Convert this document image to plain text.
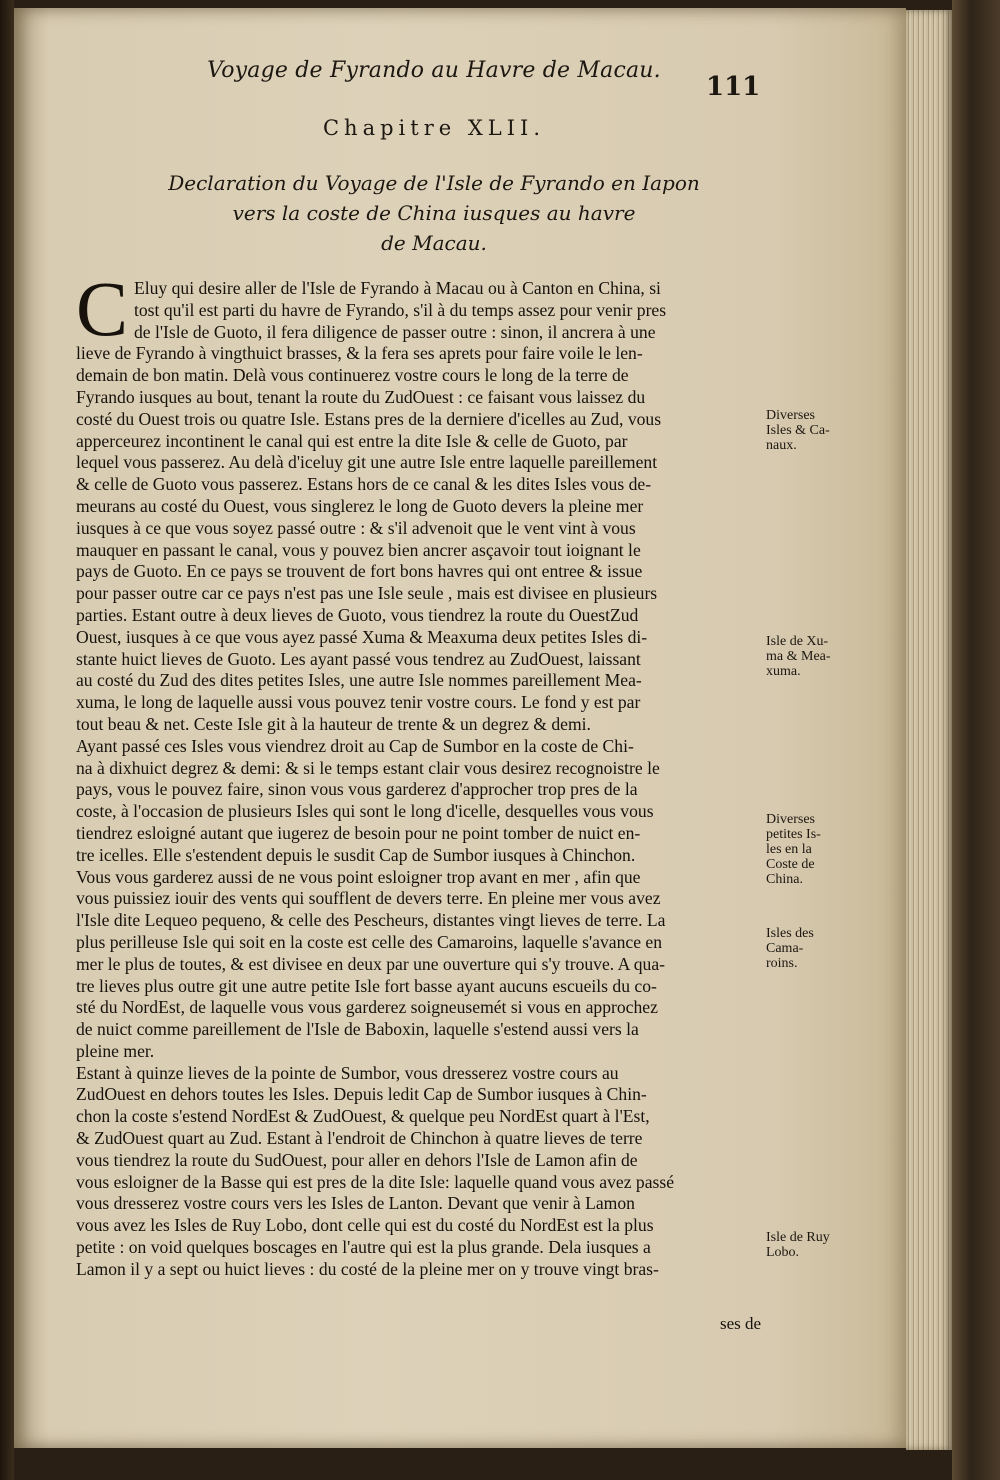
Voyage de Fyrando au Havre de Macau.
111
Chapitre XLII.
Declaration du Voyage de l'Isle de Fyrando en Iapon
vers la coste de China iusques au havre
de Macau.
C Eluy qui desire aller de l'Isle de Fyrando à Macau ou à Canton en China, si
tost qu'il est parti du havre de Fyrando, s'il à du temps assez pour venir pres
de l'Isle de Guoto, il fera diligence de passer outre : sinon, il ancrera à une
lieve de Fyrando à vingthuict brasses, & la fera ses aprets pour faire voile le len-
demain de bon matin. Delà vous continuerez vostre cours le long de la terre de
Fyrando iusques au bout, tenant la route du ZudOuest : ce faisant vous laissez du
costé du Ouest trois ou quatre Isle. Estans pres de la derniere d'icelles au Zud, vous
apperceurez incontinent le canal qui est entre la dite Isle & celle de Guoto, par
lequel vous passerez. Au delà d'iceluy git une autre Isle entre laquelle pareillement
& celle de Guoto vous passerez. Estans hors de ce canal & les dites Isles vous de-
meurans au costé du Ouest, vous singlerez le long de Guoto devers la pleine mer
iusques à ce que vous soyez passé outre : & s'il advenoit que le vent vint à vous
mauquer en passant le canal, vous y pouvez bien ancrer asçavoir tout ioignant le
pays de Guoto. En ce pays se trouvent de fort bons havres qui ont entree & issue
pour passer outre car ce pays n'est pas une Isle seule , mais est divisee en plusieurs
parties. Estant outre à deux lieves de Guoto, vous tiendrez la route du OuestZud
Ouest, iusques à ce que vous ayez passé Xuma & Meaxuma deux petites Isles di-
stante huict lieves de Guoto. Les ayant passé vous tendrez au ZudOuest, laissant
au costé du Zud des dites petites Isles, une autre Isle nommes pareillement Mea-
xuma, le long de laquelle aussi vous pouvez tenir vostre cours. Le fond y est par
tout beau & net. Ceste Isle git à la hauteur de trente & un degrez & demi.
Ayant passé ces Isles vous viendrez droit au Cap de Sumbor en la coste de Chi-
na à dixhuict degrez & demi: & si le temps estant clair vous desirez recognoistre le
pays, vous le pouvez faire, sinon vous vous garderez d'approcher trop pres de la
coste, à l'occasion de plusieurs Isles qui sont le long d'icelle, desquelles vous vous
tiendrez esloigné autant que iugerez de besoin pour ne point tomber de nuict en-
tre icelles. Elle s'estendent depuis le susdit Cap de Sumbor iusques à Chinchon.
Vous vous garderez aussi de ne vous point esloigner trop avant en mer , afin que
vous puissiez iouir des vents qui soufflent de devers terre. En pleine mer vous avez
l'Isle dite Lequeo pequeno, & celle des Pescheurs, distantes vingt lieves de terre. La
plus perilleuse Isle qui soit en la coste est celle des Camaroins, laquelle s'avance en
mer le plus de toutes, & est divisee en deux par une ouverture qui s'y trouve. A qua-
tre lieves plus outre git une autre petite Isle fort basse ayant aucuns escueils du co-
sté du NordEst, de laquelle vous vous garderez soigneusemét si vous en approchez
de nuict comme pareillement de l'Isle de Baboxin, laquelle s'estend aussi vers la
pleine mer.
Estant à quinze lieves de la pointe de Sumbor, vous dresserez vostre cours au
ZudOuest en dehors toutes les Isles. Depuis ledit Cap de Sumbor iusques à Chin-
chon la coste s'estend NordEst & ZudOuest, & quelque peu NordEst quart à l'Est,
& ZudOuest quart au Zud. Estant à l'endroit de Chinchon à quatre lieves de terre
vous tiendrez la route du SudOuest, pour aller en dehors l'Isle de Lamon afin de
vous esloigner de la Basse qui est pres de la dite Isle: laquelle quand vous avez passé
vous dresserez vostre cours vers les Isles de Lanton. Devant que venir à Lamon
vous avez les Isles de Ruy Lobo, dont celle qui est du costé du NordEst est la plus
petite : on void quelques boscages en l'autre qui est la plus grande. Dela iusques a
Lamon il y a sept ou huict lieves : du costé de la pleine mer on y trouve vingt bras-
Diverses
Isles & Ca-
naux.
Isle de Xu-
ma & Mea-
xuma.
Diverses
petites Is-
les en la
Coste de
China.
Isles des
Cama-
roins.
Isle de Ruy
Lobo.
ses de
